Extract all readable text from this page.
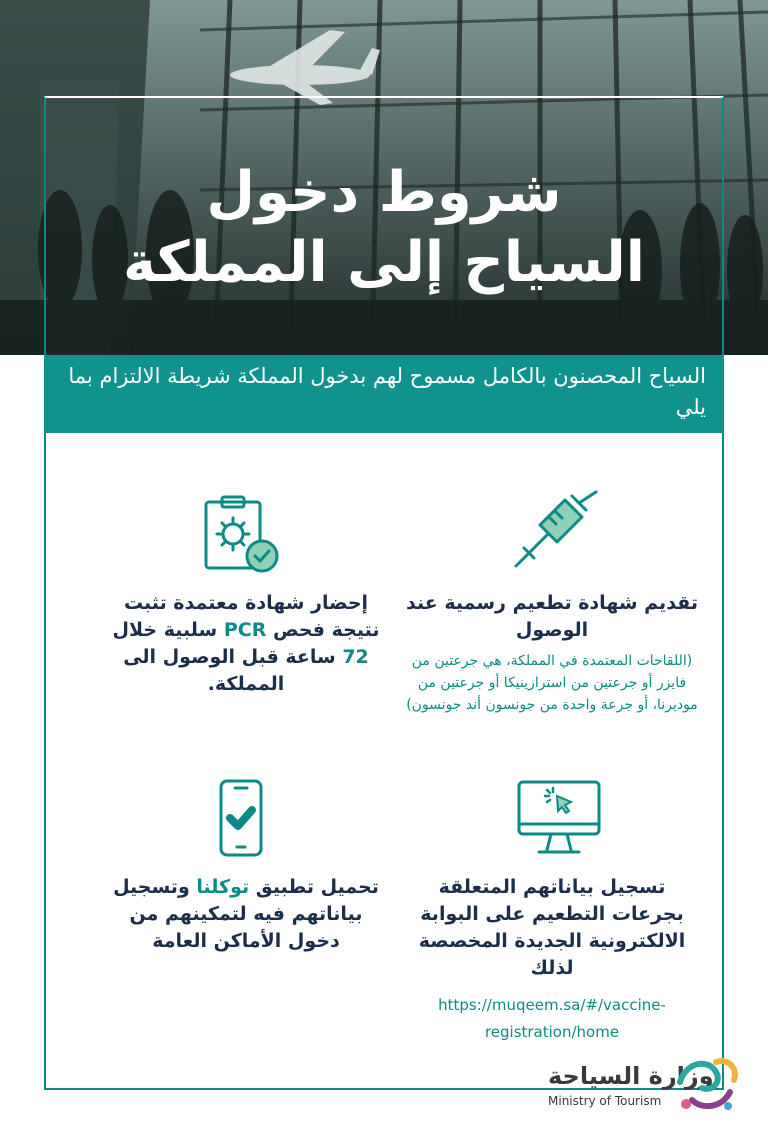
شروط دخول
السياح إلى المملكة
السياح المحصنون بالكامل مسموح لهم بدخول المملكة شريطة الالتزام بما يلي
تقديم شهادة تطعيم رسمية عند الوصول

(اللقاحات المعتمدة في المملكة، هي جرعتين من فايزر أو جرعتين من استرازينيكا أو جرعتين من موديرنا، أو جرعة واحدة من جونسون أند جونسون)

إحضار شهادة معتمدة تثبت نتيجة فحص PCR سلبية خلال 72 ساعة قبل الوصول الى المملكة.
تسجيل بياناتهم المتعلقة بجرعات التطعيم على البوابة الالكترونية الجديدة المخصصة لذلك

https://muqeem.sa/#/vaccine-registration/home

تحميل تطبيق توكلنا وتسجيل بياناتهم فيه لتمكينهم من دخول الأماكن العامة
وزارة السياحة
Ministry of Tourism
